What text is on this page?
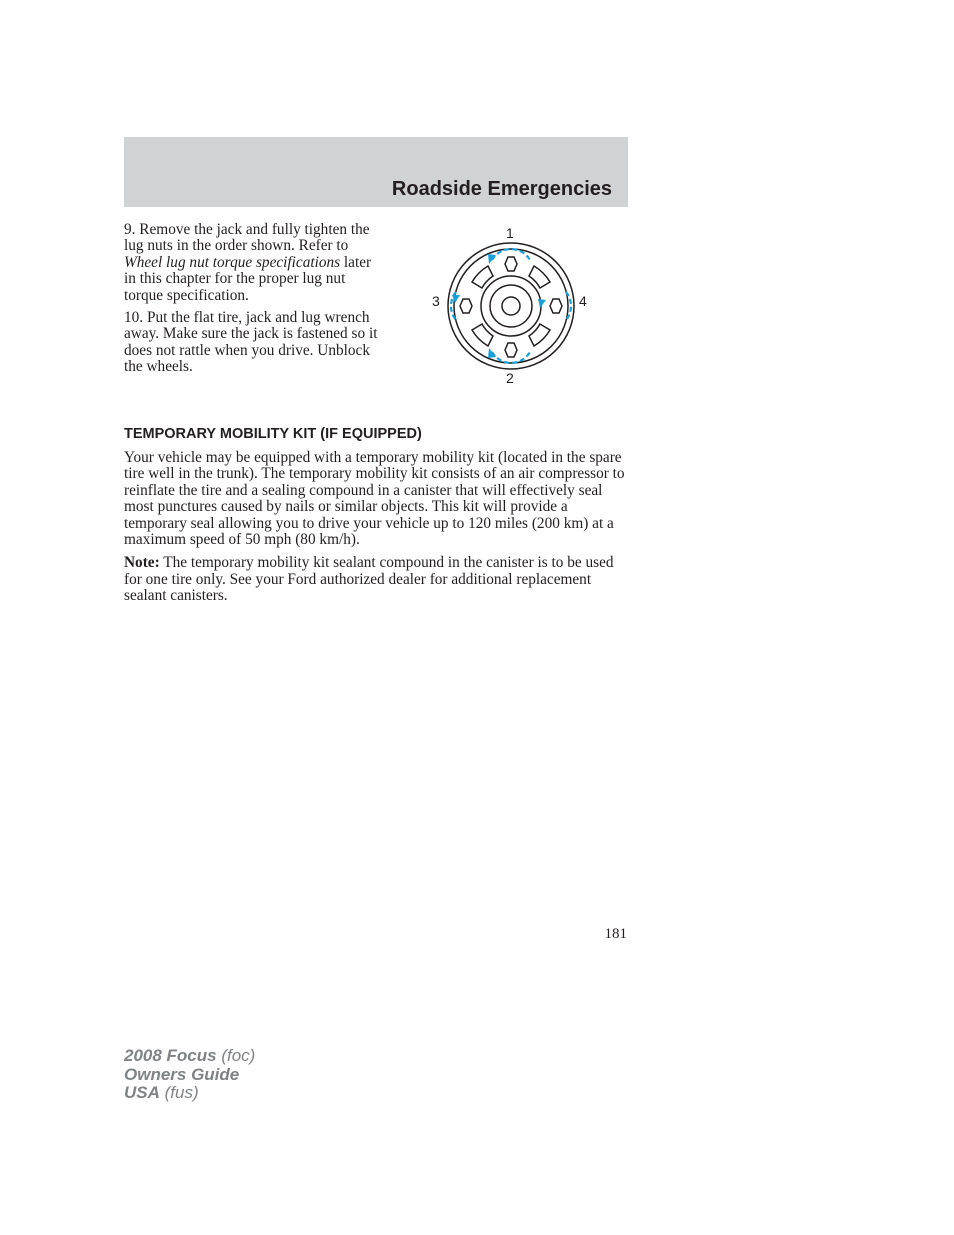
Roadside Emergencies

9. Remove the jack and fully tighten the lug nuts in the order shown. Refer to Wheel lug nut torque specifications later in this chapter for the proper lug nut torque specification.

10. Put the flat tire, jack and lug wrench away. Make sure the jack is fastened so it does not rattle when you drive. Unblock the wheels.

1
2
3	4
TEMPORARY MOBILITY KIT (IF EQUIPPED)

Your vehicle may be equipped with a temporary mobility kit (located in the spare tire well in the trunk). The temporary mobility kit consists of an air compressor to reinflate the tire and a sealing compound in a canister that will effectively seal most punctures caused by nails or similar objects. This kit will provide a temporary seal allowing you to drive your vehicle up to 120 miles (200 km) at a maximum speed of 50 mph (80 km/h).

Note: The temporary mobility kit sealant compound in the canister is to be used for one tire only. See your Ford authorized dealer for additional replacement sealant canisters.

181
2008 Focus (foc)
Owners Guide
USA (fus)
